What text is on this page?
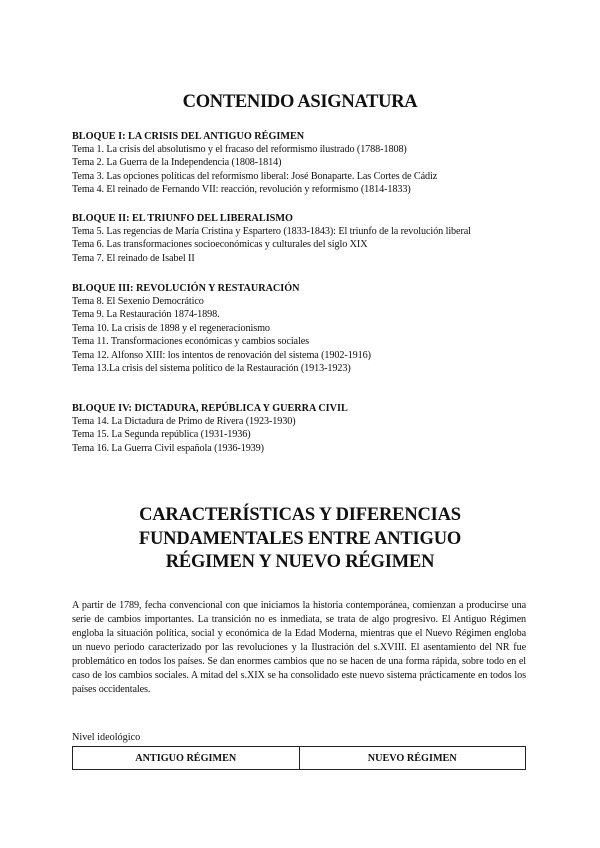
CONTENIDO ASIGNATURA
BLOQUE I: LA CRISIS DEL ANTIGUO RÉGIMEN
Tema 1. La crisis del absolutismo y el fracaso del reformismo ilustrado (1788-1808)
Tema 2. La Guerra de la Independencia (1808-1814)
Tema 3. Las opciones políticas del reformismo liberal: José Bonaparte. Las Cortes de Cádiz
Tema 4. El reinado de Fernando VII: reacción, revolución y reformismo (1814-1833)
BLOQUE II: EL TRIUNFO DEL LIBERALISMO
Tema 5. Las regencias de María Cristina y Espartero (1833-1843): El triunfo de la revolución liberal
Tema 6. Las transformaciones socioeconómicas y culturales del siglo XIX
Tema 7. El reinado de Isabel II
BLOQUE III: REVOLUCIÓN Y RESTAURACIÓN
Tema 8. El Sexenio Democrático
Tema 9. La Restauración 1874-1898.
Tema 10. La crisis de 1898 y el regeneracionismo
Tema 11. Transformaciones económicas y cambios sociales
Tema 12. Alfonso XIII: los intentos de renovación del sistema (1902-1916)
Tema 13.La crisis del sistema político de la Restauración (1913-1923)
BLOQUE IV: DICTADURA, REPÚBLICA Y GUERRA CIVIL
Tema 14. La Dictadura de Primo de Rivera (1923-1930)
Tema 15. La Segunda república (1931-1936)
Tema 16. La Guerra Civil española (1936-1939)
CARACTERÍSTICAS Y DIFERENCIAS
FUNDAMENTALES ENTRE ANTIGUO
RÉGIMEN Y NUEVO RÉGIMEN
A partir de 1789, fecha convencional con que iniciamos la historia contemporánea, comienzan a producirse una serie de cambios importantes. La transición no es inmediata, se trata de algo progresivo. El Antiguo Régimen engloba la situación política, social y económica de la Edad Moderna, mientras que el Nuevo Régimen engloba un nuevo periodo caracterizado por las revoluciones y la Ilustración del s.XVIII. El asentamiento del NR fue problemático en todos los países. Se dan enormes cambios que no se hacen de una forma rápida, sobre todo en el caso de los cambios sociales. A mitad del s.XIX se ha consolidado este nuevo sistema prácticamente en todos los países occidentales.
Nivel ideológico
ANTIGUO RÉGIMEN	NUEVO RÉGIMEN
